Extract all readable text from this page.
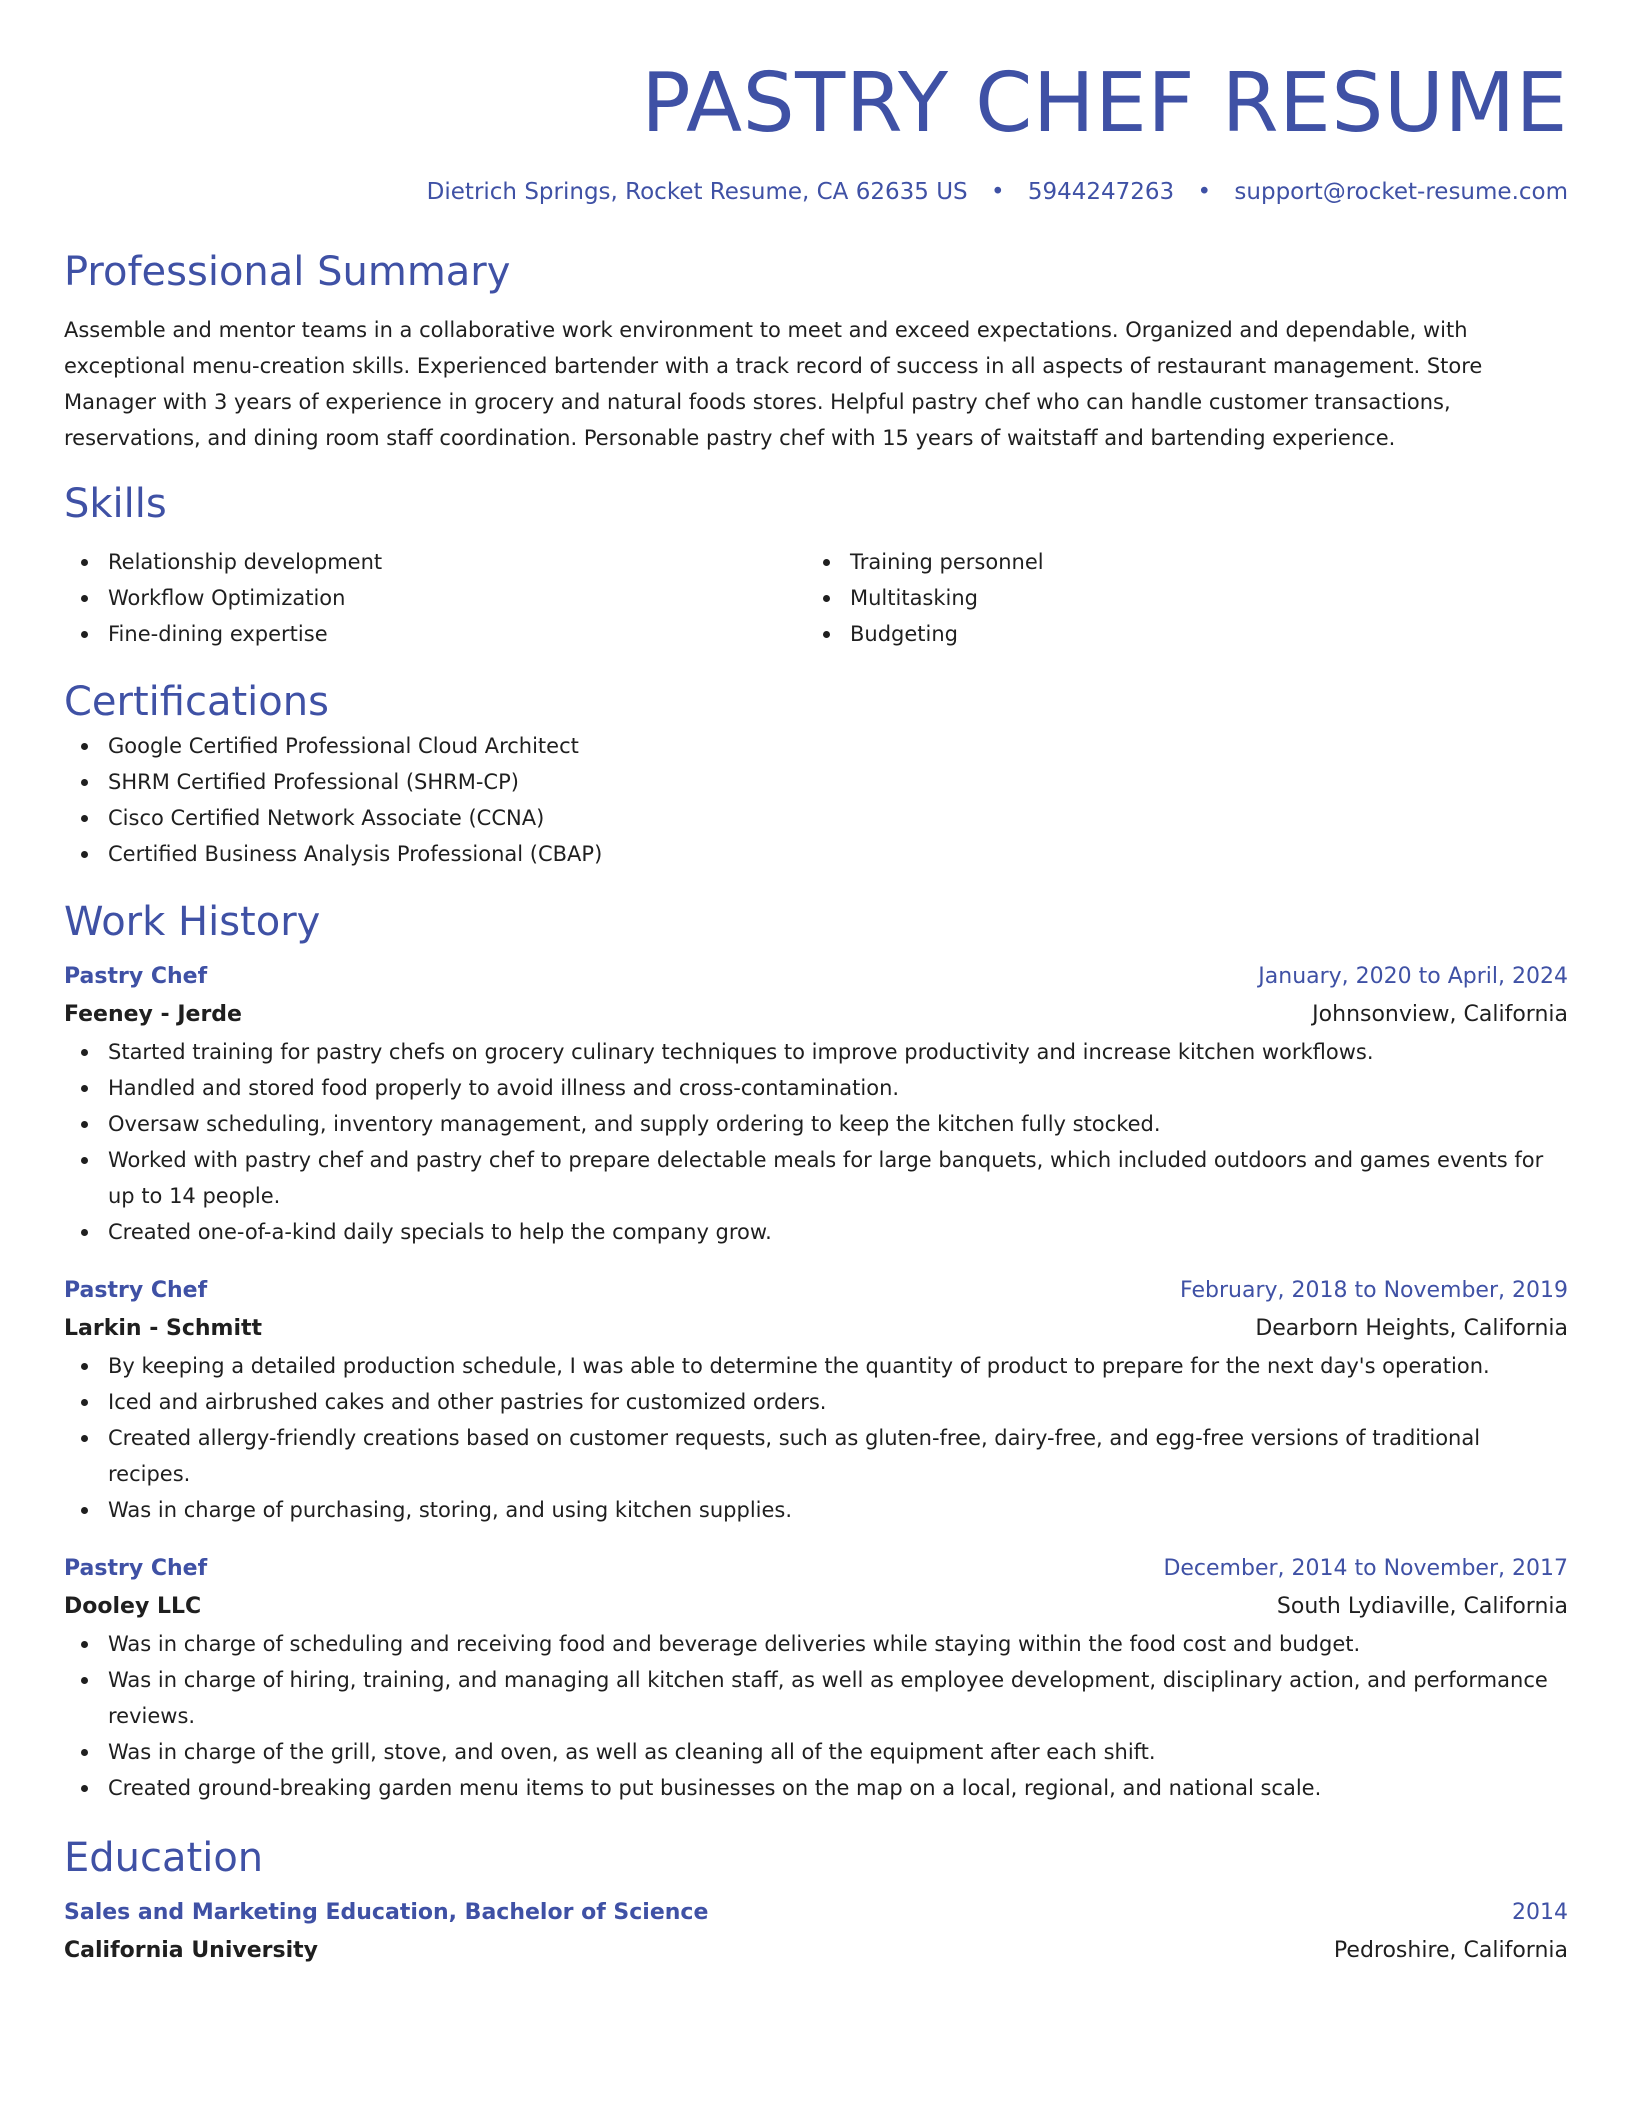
PASTRY CHEF RESUME
Dietrich Springs, Rocket Resume, CA 62635 US • 5944247263 • support@rocket-resume.com
Professional Summary

Assemble and mentor teams in a collaborative work environment to meet and exceed expectations. Organized and dependable, with exceptional menu-creation skills. Experienced bartender with a track record of success in all aspects of restaurant management. Store Manager with 3 years of experience in grocery and natural foods stores. Helpful pastry chef who can handle customer transactions, reservations, and dining room staff coordination. Personable pastry chef with 15 years of waitstaff and bartending experience.

Skills
Relationship development
Workflow Optimization
Fine-dining expertise
Training personnel
Multitasking
Budgeting
Certifications
Google Certified Professional Cloud Architect
SHRM Certified Professional (SHRM-CP)
Cisco Certified Network Associate (CCNA)
Certified Business Analysis Professional (CBAP)
Work History
Pastry Chef	January, 2020 to April, 2024
Feeney - Jerde	Johnsonview, California
Started training for pastry chefs on grocery culinary techniques to improve productivity and increase kitchen workflows.
Handled and stored food properly to avoid illness and cross-contamination.
Oversaw scheduling, inventory management, and supply ordering to keep the kitchen fully stocked.
Worked with pastry chef and pastry chef to prepare delectable meals for large banquets, which included outdoors and games events for up to 14 people.
Created one-of-a-kind daily specials to help the company grow.
Pastry Chef	February, 2018 to November, 2019
Larkin - Schmitt	Dearborn Heights, California
By keeping a detailed production schedule, I was able to determine the quantity of product to prepare for the next day's operation.
Iced and airbrushed cakes and other pastries for customized orders.
Created allergy-friendly creations based on customer requests, such as gluten-free, dairy-free, and egg-free versions of traditional recipes.
Was in charge of purchasing, storing, and using kitchen supplies.
Pastry Chef	December, 2014 to November, 2017
Dooley LLC	South Lydiaville, California
Was in charge of scheduling and receiving food and beverage deliveries while staying within the food cost and budget.
Was in charge of hiring, training, and managing all kitchen staff, as well as employee development, disciplinary action, and performance reviews.
Was in charge of the grill, stove, and oven, as well as cleaning all of the equipment after each shift.
Created ground-breaking garden menu items to put businesses on the map on a local, regional, and national scale.
Education
Sales and Marketing Education, Bachelor of Science	2014
California University	Pedroshire, California
